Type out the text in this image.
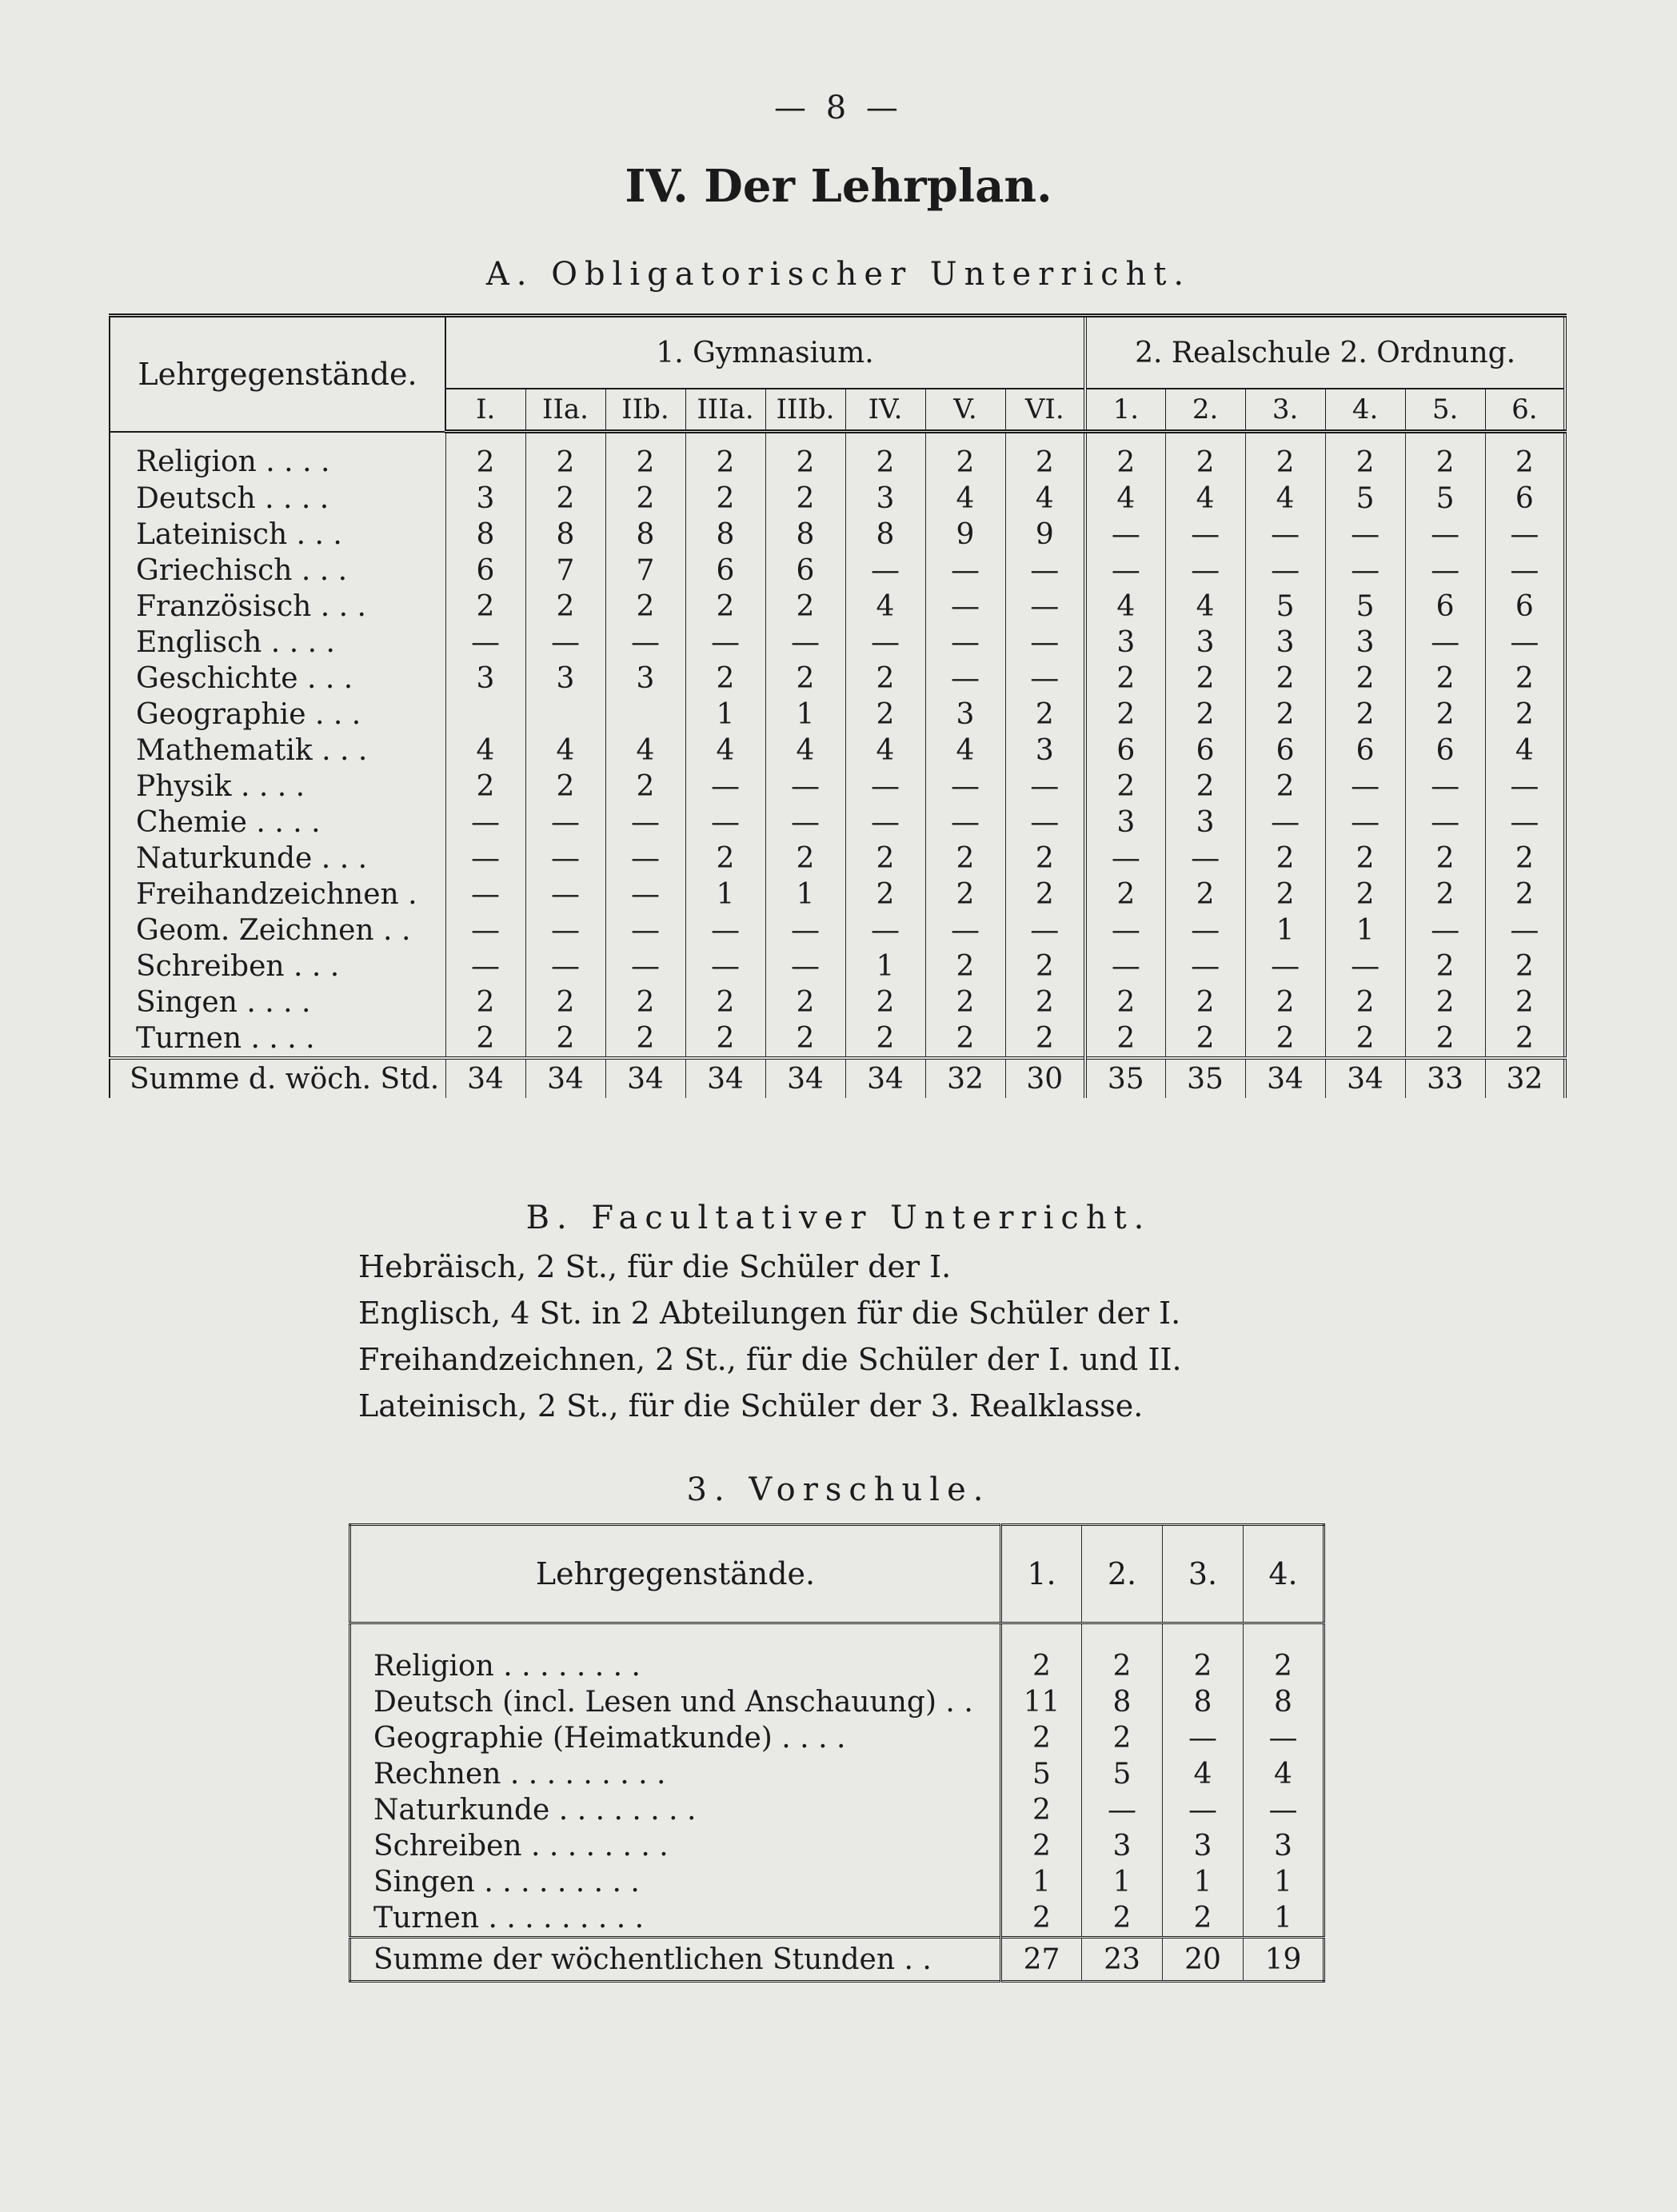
— 8 —
IV. Der Lehrplan.
A. Obligatorischer Unterricht.
Lehrgegenstände.	1. Gymnasium.								2. Realschule 2. Ordnung.					
	I.	IIa.	IIb.	IIIa.	IIIb.	IV.	V.	VI.	1.	2.	3.	4.	5.	6.
Religion . . . .	2	2	2	2	2	2	2	2	2	2	2	2	2	2
Deutsch . . . .	3	2	2	2	2	3	4	4	4	4	4	5	5	6
Lateinisch . . .	8	8	8	8	8	8	9	9	—	—	—	—	—	—
Griechisch . . .	6	7	7	6	6	—	—	—	—	—	—	—	—	—
Französisch . . .	2	2	2	2	2	4	—	—	4	4	5	5	6	6
Englisch . . . .	—	—	—	—	—	—	—	—	3	3	3	3	—	—
Geschichte . . .	3	3	3	2	2	2	—	—	2	2	2	2	2	2
Geographie . . .				1	1	2	3	2	2	2	2	2	2	2
Mathematik . . .	4	4	4	4	4	4	4	3	6	6	6	6	6	4
Physik . . . .	2	2	2	—	—	—	—	—	2	2	2	—	—	—
Chemie . . . .	—	—	—	—	—	—	—	—	3	3	—	—	—	—
Naturkunde . . .	—	—	—	2	2	2	2	2	—	—	2	2	2	2
Freihandzeichnen .	—	—	—	1	1	2	2	2	2	2	2	2	2	2
Geom. Zeichnen . .	—	—	—	—	—	—	—	—	—	—	1	1	—	—
Schreiben . . .	—	—	—	—	—	1	2	2	—	—	—	—	2	2
Singen . . . .	2	2	2	2	2	2	2	2	2	2	2	2	2	2
Turnen . . . .	2	2	2	2	2	2	2	2	2	2	2	2	2	2
Summe d. wöch. Std.	34	34	34	34	34	34	32	30	35	35	34	34	33	32
B. Facultativer Unterricht.
Hebräisch, 2 St., für die Schüler der I.
Englisch, 4 St. in 2 Abteilungen für die Schüler der I.
Freihandzeichnen, 2 St., für die Schüler der I. und II.
Lateinisch, 2 St., für die Schüler der 3. Realklasse.
3. Vorschule.
Lehrgegenstände.	1.	2.	3.	4.
Religion . . . . . . . .	2	2	2	2
Deutsch (incl. Lesen und Anschauung) . .	11	8	8	8
Geographie (Heimatkunde) . . . .	2	2	—	—
Rechnen . . . . . . . . .	5	5	4	4
Naturkunde . . . . . . . .	2	—	—	—
Schreiben . . . . . . . .	2	3	3	3
Singen . . . . . . . . .	1	1	1	1
Turnen . . . . . . . . .	2	2	2	1
Summe der wöchentlichen Stunden . .	27	23	20	19
